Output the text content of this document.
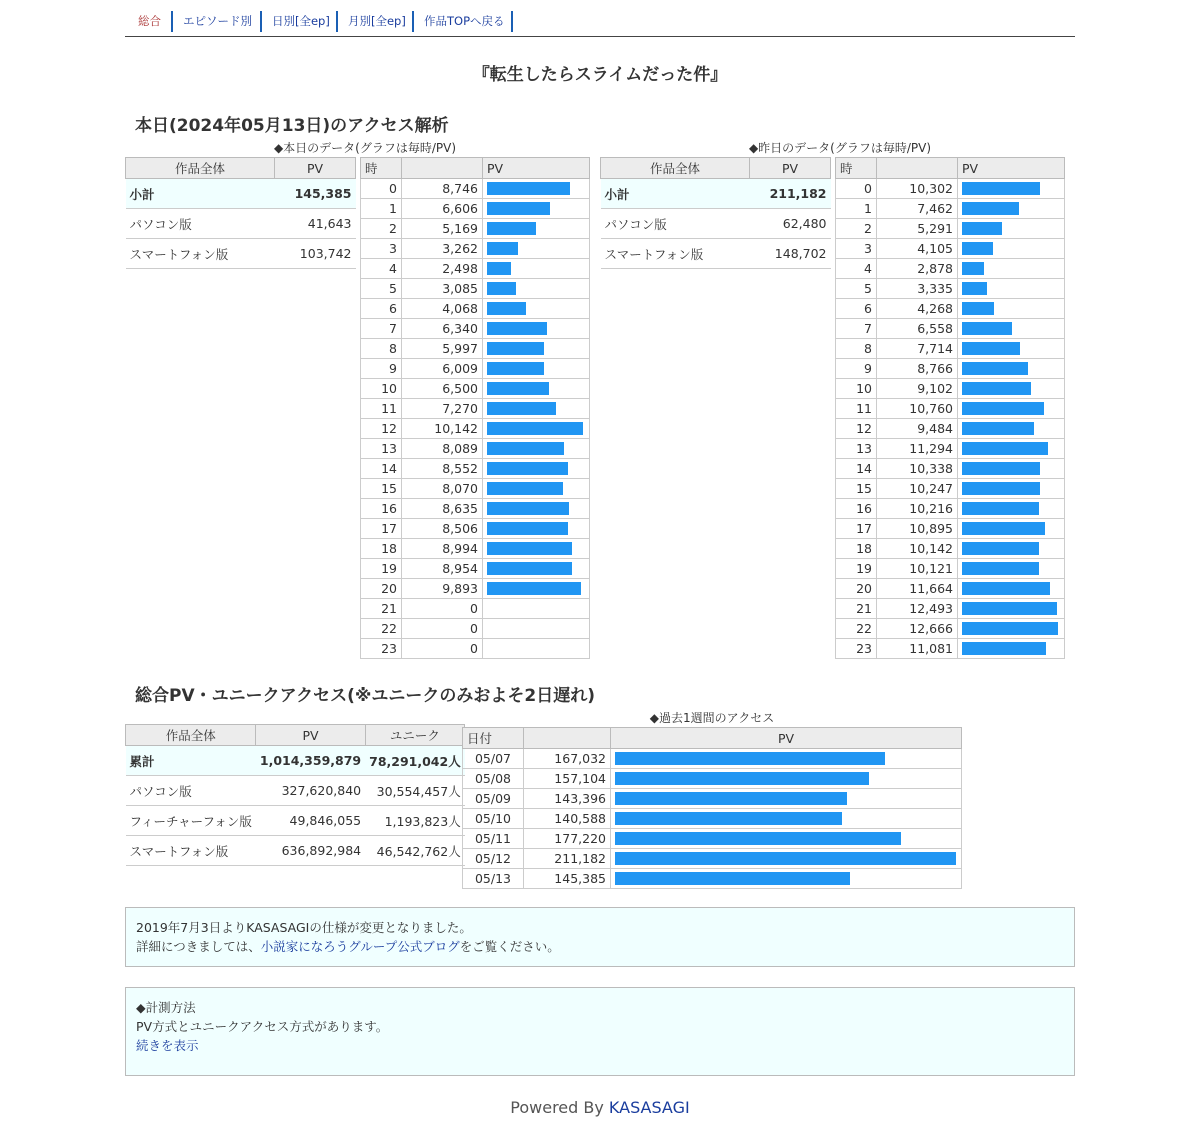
総合 エピソード別 日別[全ep] 月別[全ep] 作品TOPへ戻る
『転生したらスライムだった件』
本日(2024年05月13日)のアクセス解析
◆本日のデータ(グラフは毎時/PV)	◆昨日のデータ(グラフは毎時/PV)
作品全体	PV
小計	145,385
パソコン版	41,643
スマートフォン版	103,742
時		PV
0	8,746	

1	6,606	

2	5,169	

3	3,262	

4	2,498	

5	3,085	

6	4,068	

7	6,340	

8	5,997	

9	6,009	

10	6,500	

11	7,270	

12	10,142	

13	8,089	

14	8,552	

15	8,070	

16	8,635	

17	8,506	

18	8,994	

19	8,954	

20	9,893	

21	0	
22	0	
23	0	
作品全体	PV
小計	211,182
パソコン版	62,480
スマートフォン版	148,702
時		PV
0	10,302	

1	7,462	

2	5,291	

3	4,105	

4	2,878	

5	3,335	

6	4,268	

7	6,558	

8	7,714	

9	8,766	

10	9,102	

11	10,760	

12	9,484	

13	11,294	

14	10,338	

15	10,247	

16	10,216	

17	10,895	

18	10,142	

19	10,121	

20	11,664	

21	12,493	

22	12,666	

23	11,081	
総合PV・ユニークアクセス(※ユニークのみおよそ2日遅れ)
作品全体	PV	ユニーク
累計	1,014,359,879	78,291,042人
パソコン版	327,620,840	30,554,457人
フィーチャーフォン版	49,846,055	1,193,823人
スマートフォン版	636,892,984	46,542,762人
◆過去1週間のアクセス
日付		PV
05/07	167,032	

05/08	157,104	

05/09	143,396	

05/10	140,588	

05/11	177,220	

05/12	211,182	

05/13	145,385	
2019年7月3日よりKASASAGIの仕様が変更となりました。
詳細につきましては、小説家になろうグループ公式ブログをご覧ください。
◆計測方法
PV方式とユニークアクセス方式があります。
続きを表示
Powered By KASASAGI
